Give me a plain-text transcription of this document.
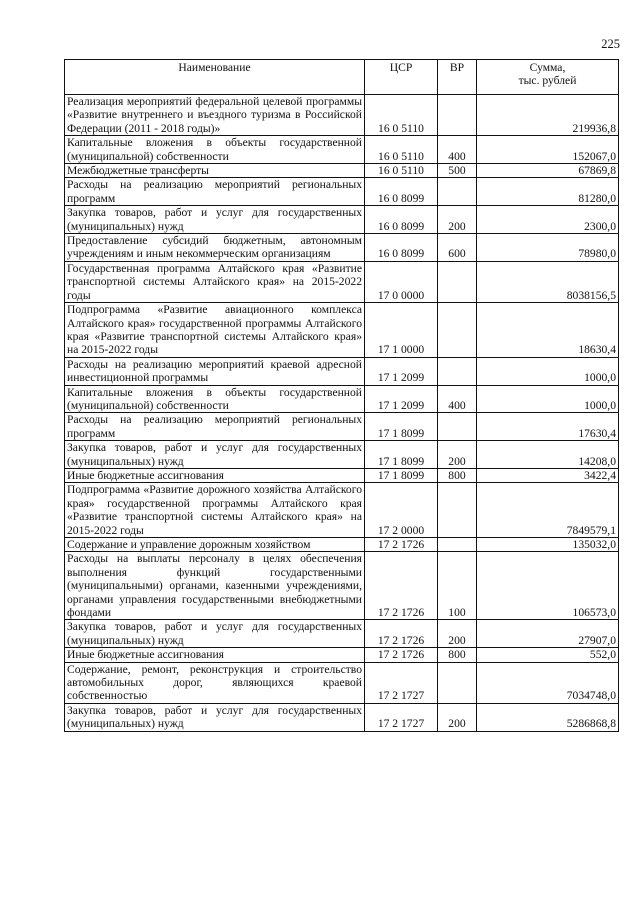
225
Наименование	ЦСР	ВР	Сумма,
тыс. рублей
Реализация мероприятий федеральной целевой программы «Развитие внутреннего и въездного туризма в Российской Федерации (2011 - 2018 годы)»	16 0 5110		219936,8
Капитальные вложения в объекты государственной (муниципальной) собственности	16 0 5110	400	152067,0
Межбюджетные трансферты	16 0 5110	500	67869,8
Расходы на реализацию мероприятий региональных программ	16 0 8099		81280,0
Закупка товаров, работ и услуг для государственных (муниципальных) нужд	16 0 8099	200	2300,0
Предоставление субсидий бюджетным, автономным учреждениям и иным некоммерческим организациям	16 0 8099	600	78980,0
Государственная программа Алтайского края «Развитие транспортной системы Алтайского края» на 2015-2022 годы	17 0 0000		8038156,5
Подпрограмма «Развитие авиационного комплекса Алтайского края» государственной программы Алтайского края «Развитие транспортной системы Алтайского края» на 2015-2022 годы	17 1 0000		18630,4
Расходы на реализацию мероприятий краевой адресной инвестиционной программы	17 1 2099		1000,0
Капитальные вложения в объекты государственной (муниципальной) собственности	17 1 2099	400	1000,0
Расходы на реализацию мероприятий региональных программ	17 1 8099		17630,4
Закупка товаров, работ и услуг для государственных (муниципальных) нужд	17 1 8099	200	14208,0
Иные бюджетные ассигнования	17 1 8099	800	3422,4
Подпрограмма «Развитие дорожного хозяйства Алтайского края» государственной программы Алтайского края «Развитие транспортной системы Алтайского края» на 2015-2022 годы	17 2 0000		7849579,1
Содержание и управление дорожным хозяйством	17 2 1726		135032,0
Расходы на выплаты персоналу в целях обеспечения выполнения функций государственными (муниципальными) органами, казенными учреждениями, органами управления государственными внебюджетными фондами	17 2 1726	100	106573,0
Закупка товаров, работ и услуг для государственных (муниципальных) нужд	17 2 1726	200	27907,0
Иные бюджетные ассигнования	17 2 1726	800	552,0
Содержание, ремонт, реконструкция и строительство автомобильных дорог, являющихся краевой собственностью	17 2 1727		7034748,0
Закупка товаров, работ и услуг для государственных (муниципальных) нужд	17 2 1727	200	5286868,8
